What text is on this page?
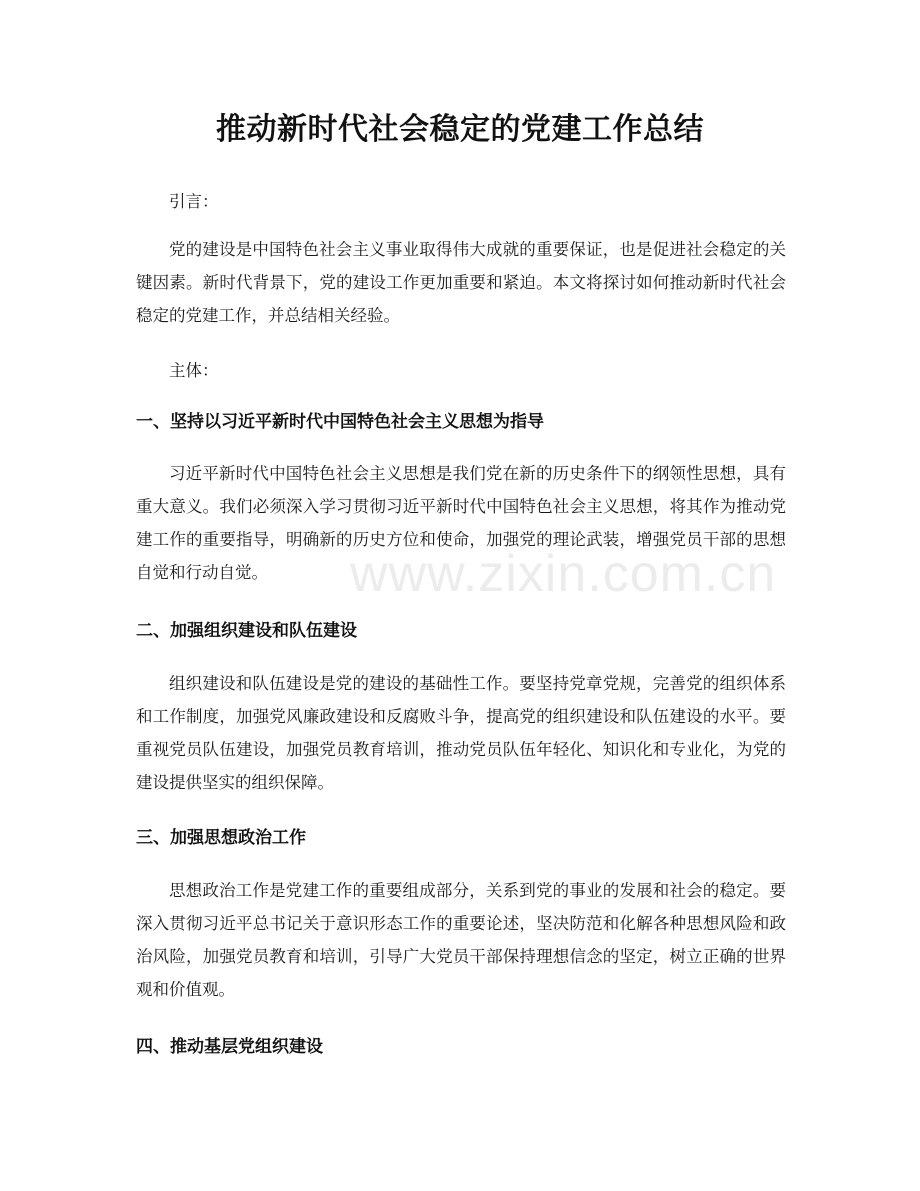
推动新时代社会稳定的党建工作总结

引言：

党的建设是中国特色社会主义事业取得伟大成就的重要保证，也是促进社会稳定的关键因素。新时代背景下，党的建设工作更加重要和紧迫。本文将探讨如何推动新时代社会稳定的党建工作，并总结相关经验。

主体：

一、坚持以习近平新时代中国特色社会主义思想为指导

习近平新时代中国特色社会主义思想是我们党在新的历史条件下的纲领性思想，具有重大意义。我们必须深入学习贯彻习近平新时代中国特色社会主义思想，将其作为推动党建工作的重要指导，明确新的历史方位和使命，加强党的理论武装，增强党员干部的思想自觉和行动自觉。

二、加强组织建设和队伍建设

组织建设和队伍建设是党的建设的基础性工作。要坚持党章党规，完善党的组织体系和工作制度，加强党风廉政建设和反腐败斗争，提高党的组织建设和队伍建设的水平。要重视党员队伍建设，加强党员教育培训，推动党员队伍年轻化、知识化和专业化，为党的建设提供坚实的组织保障。

三、加强思想政治工作

思想政治工作是党建工作的重要组成部分，关系到党的事业的发展和社会的稳定。要深入贯彻习近平总书记关于意识形态工作的重要论述，坚决防范和化解各种思想风险和政治风险，加强党员教育和培训，引导广大党员干部保持理想信念的坚定，树立正确的世界观和价值观。

四、推动基层党组织建设
www.zixin.com.cn
